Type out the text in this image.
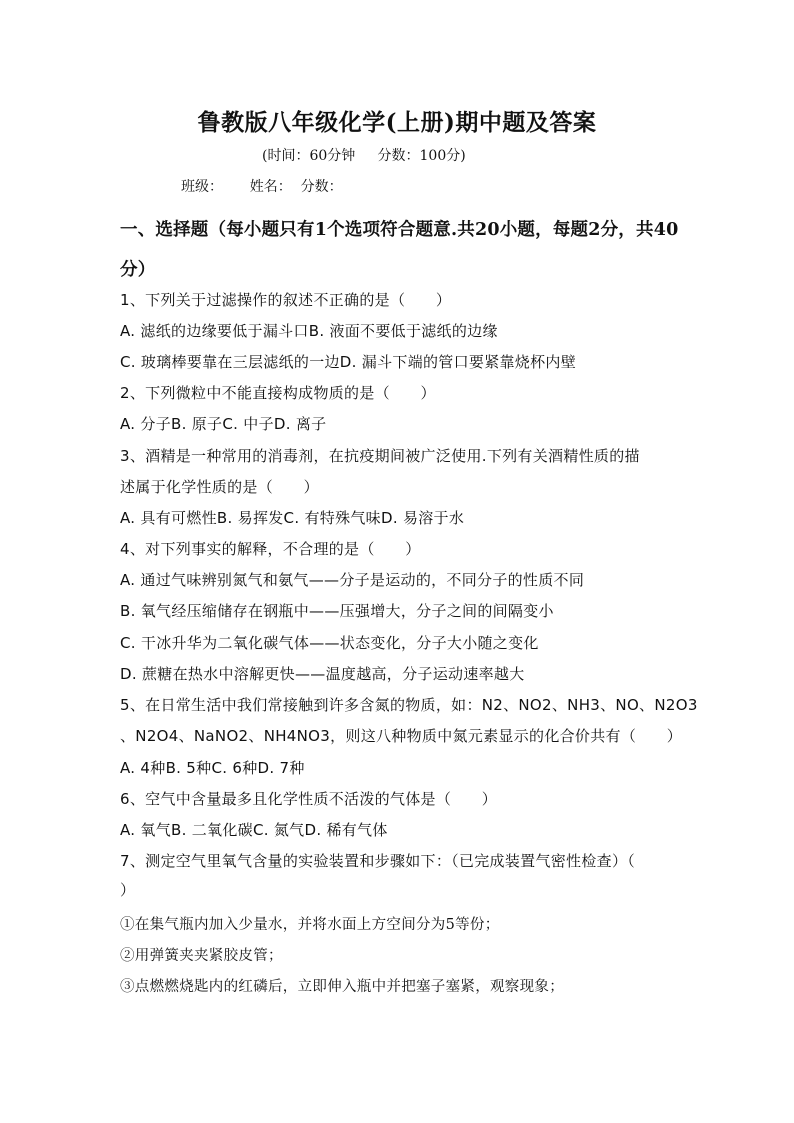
鲁教版八年级化学(上册)期中题及答案
(时间：60分钟     分数：100分)
班级：      姓名：  分数：
一、选择题（每小题只有1个选项符合题意.共20小题，每题2分，共40分）
1、下列关于过滤操作的叙述不正确的是（　　）
A. 滤纸的边缘要低于漏斗口B. 液面不要低于滤纸的边缘
C. 玻璃棒要靠在三层滤纸的一边D. 漏斗下端的管口要紧靠烧杯内壁
2、下列微粒中不能直接构成物质的是（　　）
A. 分子B. 原子C. 中子D. 离子
3、酒精是一种常用的消毒剂，在抗疫期间被广泛使用.下列有关酒精性质的描
述属于化学性质的是（　　）
A. 具有可燃性B. 易挥发C. 有特殊气味D. 易溶于水
4、对下列事实的解释，不合理的是（　　）
A. 通过气味辨别氮气和氨气——分子是运动的，不同分子的性质不同
B. 氧气经压缩储存在钢瓶中——压强增大，分子之间的间隔变小
C. 干冰升华为二氧化碳气体——状态变化，分子大小随之变化
D. 蔗糖在热水中溶解更快——温度越高，分子运动速率越大
5、在日常生活中我们常接触到许多含氮的物质，如：N2、NO2、NH3、NO、N2O3
、N2O4、NaNO2、NH4NO3，则这八种物质中氮元素显示的化合价共有（　　）
A. 4种B. 5种C. 6种D. 7种
6、空气中含量最多且化学性质不活泼的气体是（　　）
A. 氧气B. 二氧化碳C. 氮气D. 稀有气体
7、测定空气里氧气含量的实验装置和步骤如下：（已完成装置气密性检查）（
）
①在集气瓶内加入少量水，并将水面上方空间分为5等份；
②用弹簧夹夹紧胶皮管；
③点燃燃烧匙内的红磷后，立即伸入瓶中并把塞子塞紧，观察现象；
